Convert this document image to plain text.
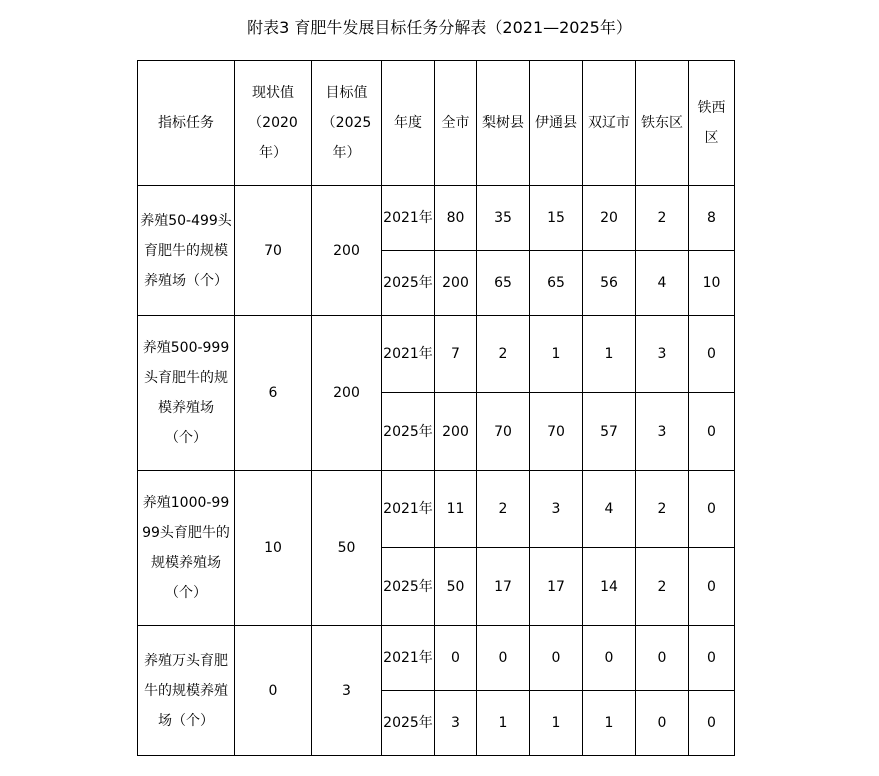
附表3 育肥牛发展目标任务分解表（2021—2025年）
指标任务	现状值（2020年）	目标值（2025年）	年度	全市	梨树县	伊通县	双辽市	铁东区	铁西区
养殖50-499头育肥牛的规模养殖场（个）	70	200	2021年	80	35	15	20	2	8
			2025年	200	65	65	56	4	10
养殖500-999头育肥牛的规模养殖场（个）	6	200	2021年	7	2	1	1	3	0
			2025年	200	70	70	57	3	0
养殖1000-9999头育肥牛的规模养殖场（个）	10	50	2021年	11	2	3	4	2	0
			2025年	50	17	17	14	2	0
养殖万头育肥牛的规模养殖场（个）	0	3	2021年	0	0	0	0	0	0
			2025年	3	1	1	1	0	0
